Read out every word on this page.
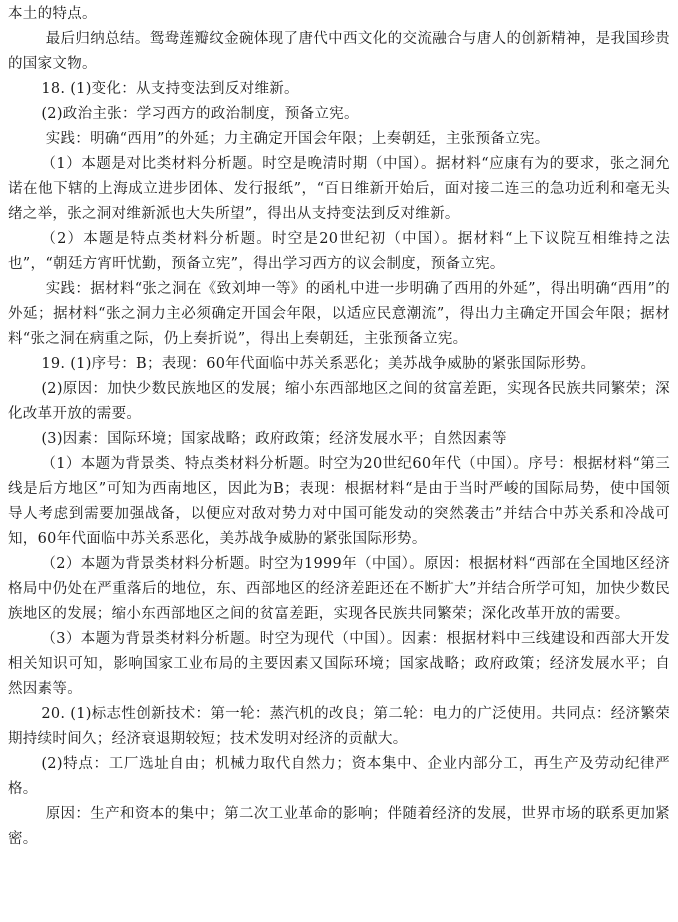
本土的特点。

最后归纳总结。鸳鸯莲瓣纹金碗体现了唐代中西文化的交流融合与唐人的创新精神，是我国珍贵的国家文物。

18. (1)变化：从支持变法到反对维新。

(2)政治主张：学习西方的政治制度，预备立宪。

实践：明确“西用”的外延；力主确定开国会年限；上奏朝廷，主张预备立宪。

（1）本题是对比类材料分析题。时空是晚清时期（中国）。据材料“应康有为的要求，张之洞允诺在他下辖的上海成立进步团体、发行报纸”，“百日维新开始后，面对接二连三的急功近利和毫无头绪之举，张之洞对维新派也大失所望”，得出从支持变法到反对维新。

（2）本题是特点类材料分析题。时空是20世纪初（中国）。据材料“上下议院互相维持之法也”，“朝廷方宵旰忧勤，预备立宪”，得出学习西方的议会制度，预备立宪。

实践：据材料“张之洞在《致刘坤一等》的函札中进一步明确了西用的外延”，得出明确“西用”的外延；据材料“张之洞力主必须确定开国会年限，以适应民意潮流”，得出力主确定开国会年限；据材料“张之洞在病重之际，仍上奏折说”，得出上奏朝廷，主张预备立宪。

19. (1)序号：B；表现：60年代面临中苏关系恶化；美苏战争威胁的紧张国际形势。

(2)原因：加快少数民族地区的发展；缩小东西部地区之间的贫富差距，实现各民族共同繁荣；深化改革开放的需要。

(3)因素：国际环境；国家战略；政府政策；经济发展水平；自然因素等

（1）本题为背景类、特点类材料分析题。时空为20世纪60年代（中国）。序号：根据材料“第三线是后方地区”可知为西南地区，因此为B；表现：根据材料“是由于当时严峻的国际局势，使中国领导人考虑到需要加强战备，以便应对敌对势力对中国可能发动的突然袭击”并结合中苏关系和冷战可知，60年代面临中苏关系恶化，美苏战争威胁的紧张国际形势。

（2）本题为背景类材料分析题。时空为1999年（中国）。原因：根据材料“西部在全国地区经济格局中仍处在严重落后的地位，东、西部地区的经济差距还在不断扩大”并结合所学可知，加快少数民族地区的发展；缩小东西部地区之间的贫富差距，实现各民族共同繁荣；深化改革开放的需要。

（3）本题为背景类材料分析题。时空为现代（中国）。因素：根据材料中三线建设和西部大开发相关知识可知，影响国家工业布局的主要因素又国际环境；国家战略；政府政策；经济发展水平；自然因素等。

20. (1)标志性创新技术：第一轮：蒸汽机的改良；第二轮：电力的广泛使用。共同点：经济繁荣期持续时间久；经济衰退期较短；技术发明对经济的贡献大。

(2)特点：工厂选址自由；机械力取代自然力；资本集中、企业内部分工，再生产及劳动纪律严格。

原因：生产和资本的集中；第二次工业革命的影响；伴随着经济的发展，世界市场的联系更加紧密。
